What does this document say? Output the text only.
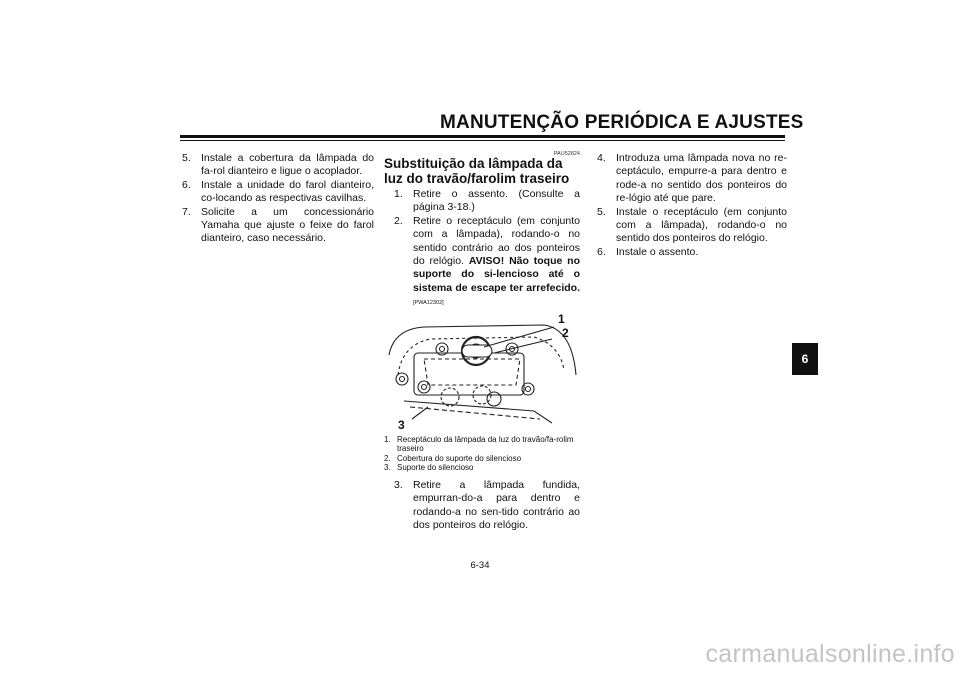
MANUTENÇÃO PERIÓDICA E AJUSTES
5. Instale a cobertura da lâmpada do fa-rol dianteiro e ligue o acoplador.
6. Instale a unidade do farol dianteiro, co-locando as respectivas cavilhas.
7. Solicite a um concessionário Yamaha que ajuste o feixe do farol dianteiro, caso necessário.
PAU52824
Substituição da lâmpada da luz do travão/farolim traseiro
1. Retire o assento. (Consulte a página 3-18.)
2. Retire o receptáculo (em conjunto com a lâmpada), rodando-o no sentido contrário ao dos ponteiros do relógio. AVISO! Não toque no suporte do si-lencioso até o sistema de escape ter arrefecido. [PWA12302]
1
2
3
1. Receptáculo da lâmpada da luz do travão/fa-rolim traseiro
2. Cobertura do suporte do silencioso
3. Suporte do silencioso
3. Retire a lâmpada fundida, empurran-do-a para dentro e rodando-a no sen-tido contrário ao dos ponteiros do relógio.
4. Introduza uma lâmpada nova no re-ceptáculo, empurre-a para dentro e rode-a no sentido dos ponteiros do re-lógio até que pare.
5. Instale o receptáculo (em conjunto com a lâmpada), rodando-o no sentido dos ponteiros do relógio.
6. Instale o assento.
6
6-34
carmanualsonline.info
